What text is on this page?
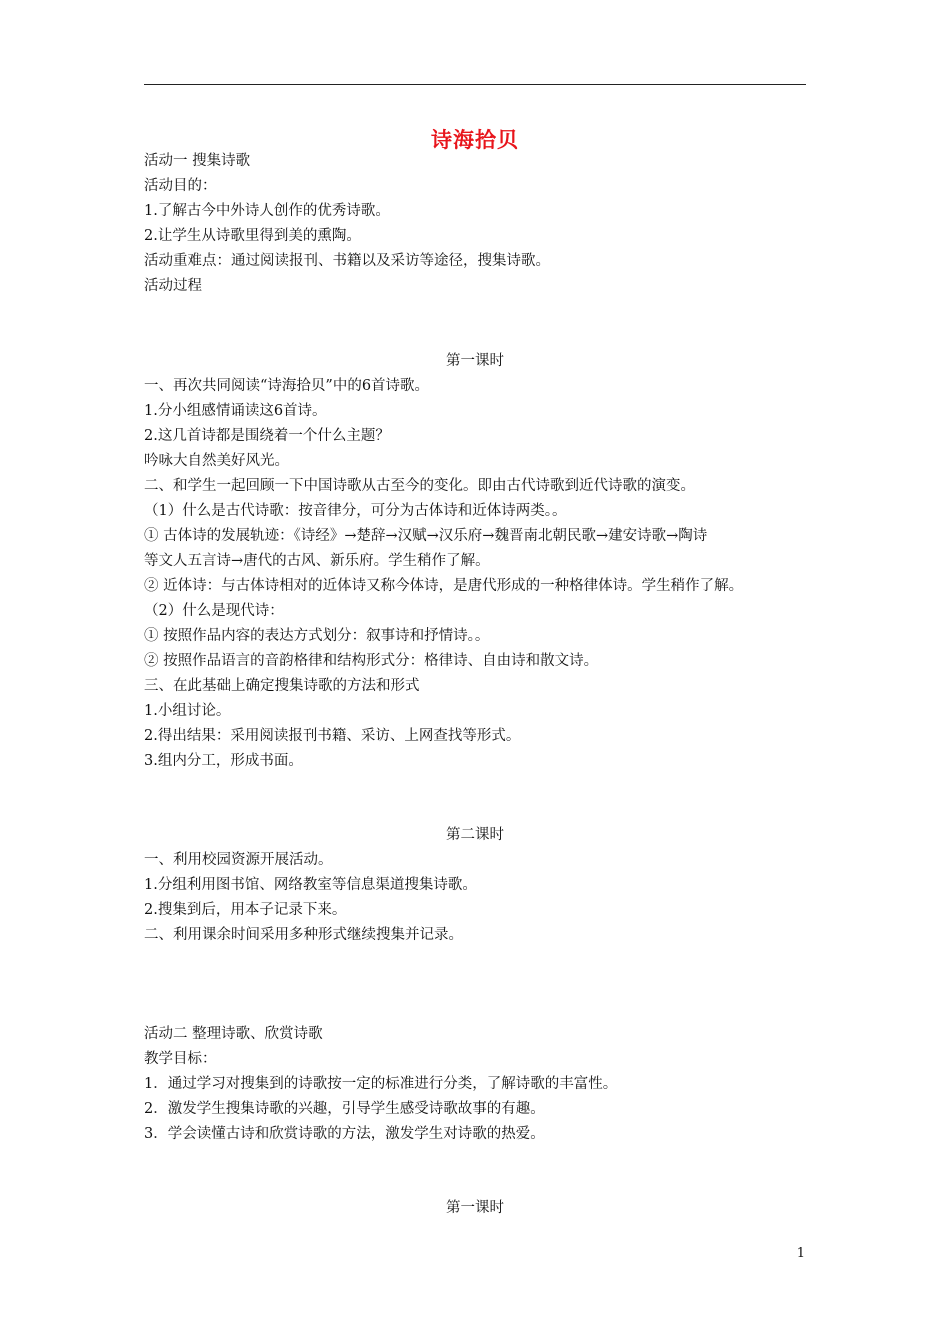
诗海拾贝
活动一 搜集诗歌
活动目的：
1.了解古今中外诗人创作的优秀诗歌。
2.让学生从诗歌里得到美的熏陶。
活动重难点：通过阅读报刊、书籍以及采访等途径，搜集诗歌。
活动过程
第一课时
一、再次共同阅读“诗海拾贝”中的6首诗歌。
1.分小组感情诵读这6首诗。
2.这几首诗都是围绕着一个什么主题？
吟咏大自然美好风光。
二、和学生一起回顾一下中国诗歌从古至今的变化。即由古代诗歌到近代诗歌的演变。
（1）什么是古代诗歌：按音律分，可分为古体诗和近体诗两类。。
① 古体诗的发展轨迹：《诗经》→楚辞→汉赋→汉乐府→魏晋南北朝民歌→建安诗歌→陶诗
等文人五言诗→唐代的古风、新乐府。学生稍作了解。
② 近体诗：与古体诗相对的近体诗又称今体诗，是唐代形成的一种格律体诗。学生稍作了解。
（2）什么是现代诗：
① 按照作品内容的表达方式划分：叙事诗和抒情诗。。
② 按照作品语言的音韵格律和结构形式分：格律诗、自由诗和散文诗。
三、在此基础上确定搜集诗歌的方法和形式
1.小组讨论。
2.得出结果：采用阅读报刊书籍、采访、上网查找等形式。
3.组内分工，形成书面。
第二课时
一、利用校园资源开展活动。
1.分组利用图书馆、网络教室等信息渠道搜集诗歌。
2.搜集到后，用本子记录下来。
二、利用课余时间采用多种形式继续搜集并记录。
活动二 整理诗歌、欣赏诗歌
教学目标：
1．通过学习对搜集到的诗歌按一定的标准进行分类，了解诗歌的丰富性。
2．激发学生搜集诗歌的兴趣，引导学生感受诗歌故事的有趣。
3．学会读懂古诗和欣赏诗歌的方法，激发学生对诗歌的热爱。
第一课时
1
